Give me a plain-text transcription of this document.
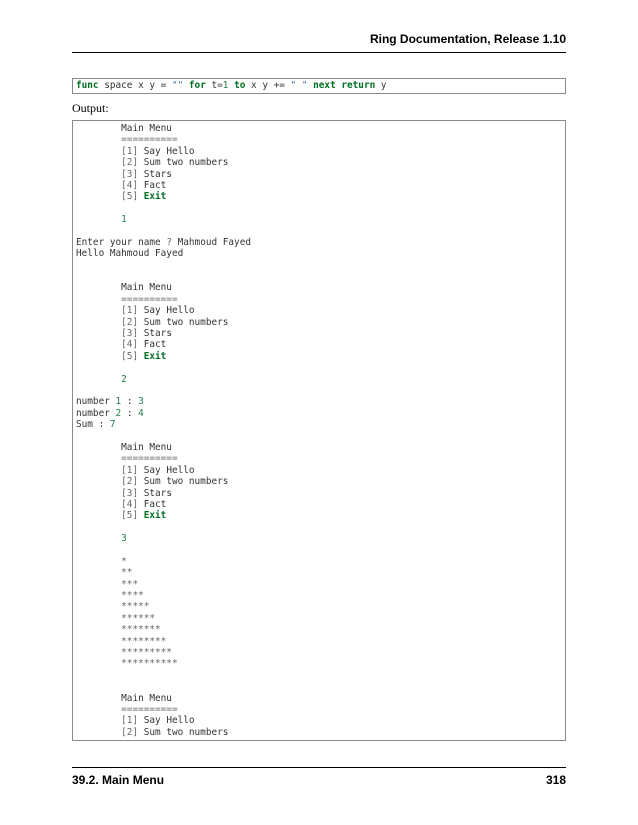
Ring Documentation, Release 1.10
func space x y = "" for t=1 to x y += " " next return y
Output:
Main Menu
==========
[1] Say Hello
[2] Sum two numbers
[3] Stars
[4] Fact
[5] Exit
1
Enter your name ? Mahmoud Fayed
Hello Mahmoud Fayed
Main Menu
==========
[1] Say Hello
[2] Sum two numbers
[3] Stars
[4] Fact
[5] Exit
2
number 1 : 3
number 2 : 4
Sum : 7
Main Menu
==========
[1] Say Hello
[2] Sum two numbers
[3] Stars
[4] Fact
[5] Exit
3
*
**
***
****
*****
******
*******
********
*********
**********
Main Menu
==========
[1] Say Hello
[2] Sum two numbers
39.2. Main Menu	318
